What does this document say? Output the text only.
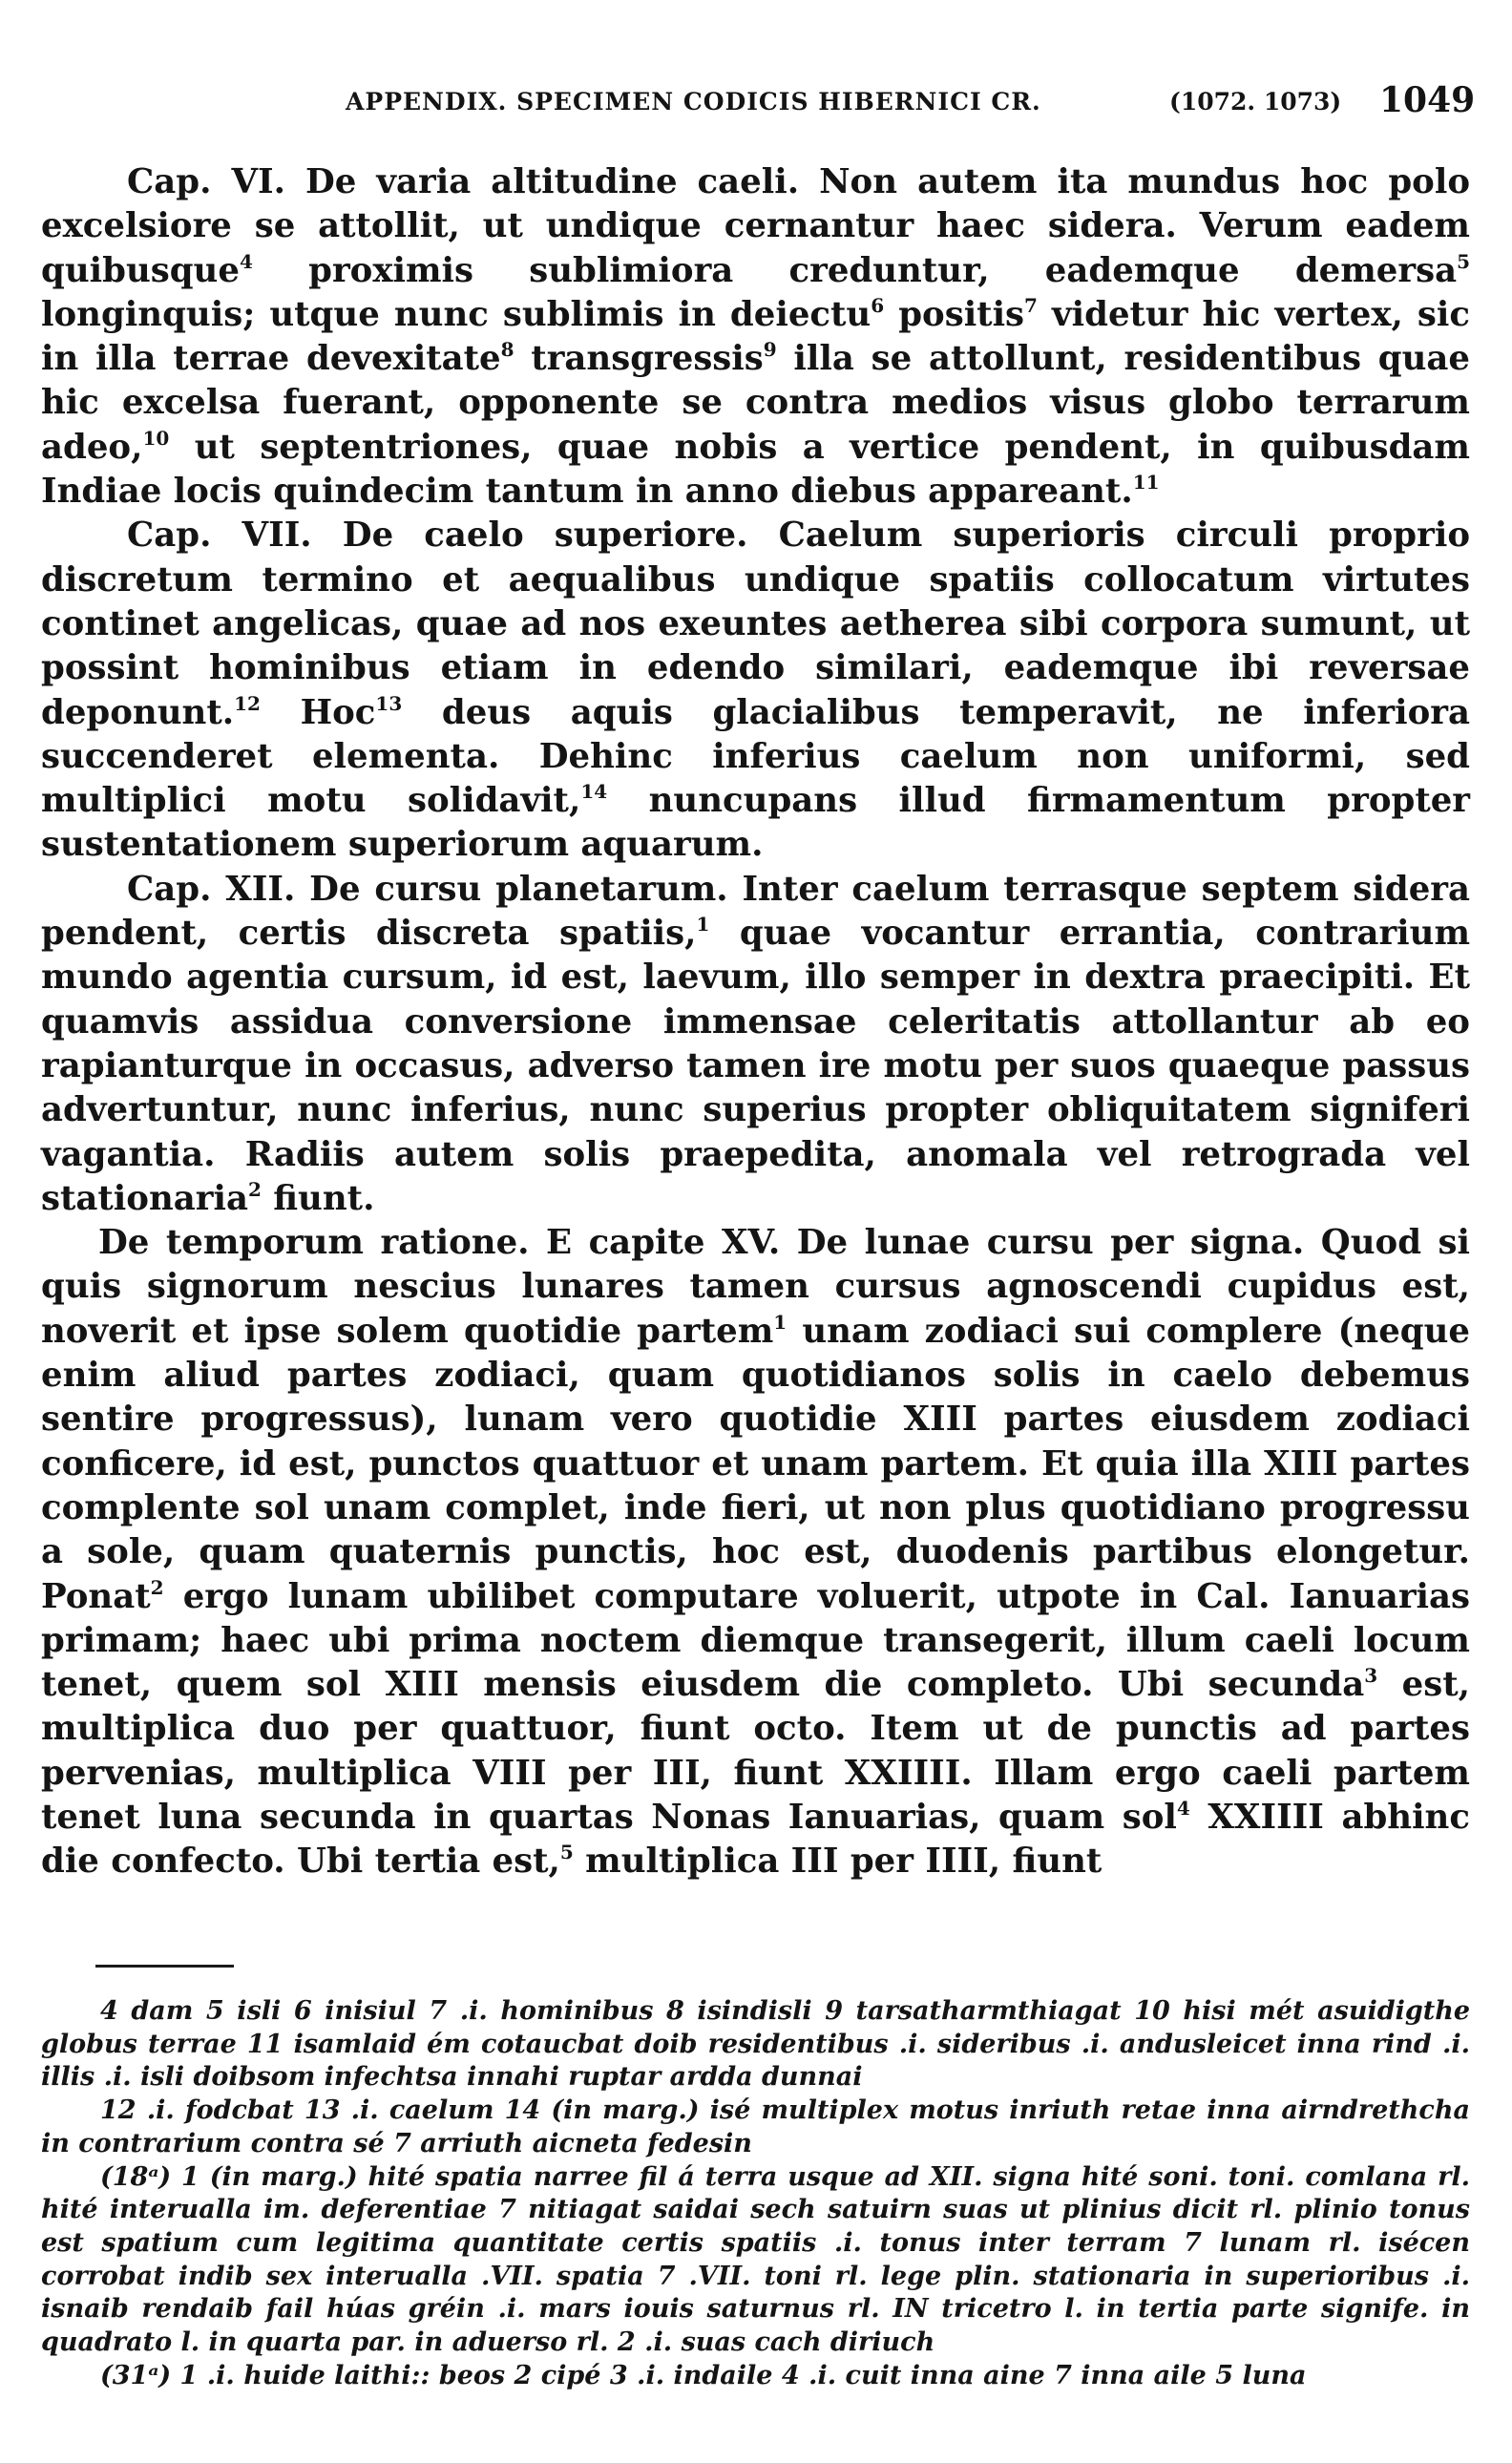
APPENDIX. SPECIMEN CODICIS HIBERNICI CR.	(1072. 1073) 1049

Cap. VI. De varia altitudine caeli. Non autem ita mundus hoc polo excelsiore se attollit, ut undique cernantur haec sidera. Verum eadem quibusque$^4$ proximis sublimiora creduntur, eademque demersa$^5$ longinquis; utque nunc sublimis in deiectu$^6$ positis$^7$ videtur hic vertex, sic in illa terrae devexitate$^8$ transgressis$^9$ illa se attollunt, residentibus quae hic excelsa fuerant, opponente se contra medios visus globo terrarum adeo,$^{10}$ ut septentriones, quae nobis a vertice pendent, in quibusdam Indiae locis quindecim tantum in anno diebus appareant.$^{11}$

Cap. VII. De caelo superiore. Caelum superioris circuli proprio discretum termino et aequalibus undique spatiis collocatum virtutes continet angelicas, quae ad nos exeuntes aetherea sibi corpora sumunt, ut possint hominibus etiam in edendo similari, eademque ibi reversae deponunt.$^{12}$ Hoc$^{13}$ deus aquis glacialibus temperavit, ne inferiora succenderet elementa. Dehinc inferius caelum non uniformi, sed multiplici motu solidavit,$^{14}$ nuncupans illud firmamentum propter sustentationem superiorum aquarum.

Cap. XII. De cursu planetarum. Inter caelum terrasque septem sidera pendent, certis discreta spatiis,$^1$ quae vocantur errantia, contrarium mundo agentia cursum, id est, laevum, illo semper in dextra praecipiti. Et quamvis assidua conversione immensae celeritatis attollantur ab eo rapianturque in occasus, adverso tamen ire motu per suos quaeque passus advertuntur, nunc inferius, nunc superius propter obliquitatem signiferi vagantia. Radiis autem solis praepedita, anomala vel retrograda vel stationaria$^2$ fiunt.

De temporum ratione. E capite XV. De lunae cursu per signa. Quod si quis signorum nescius lunares tamen cursus agnoscendi cupidus est, noverit et ipse solem quotidie partem$^1$ unam zodiaci sui complere (neque enim aliud partes zodiaci, quam quotidianos solis in caelo debemus sentire progressus), lunam vero quotidie XIII partes eiusdem zodiaci conficere, id est, punctos quattuor et unam partem. Et quia illa XIII partes complente sol unam complet, inde fieri, ut non plus quotidiano progressu a sole, quam quaternis punctis, hoc est, duodenis partibus elongetur. Ponat$^2$ ergo lunam ubilibet computare voluerit, utpote in Cal. Ianuarias primam; haec ubi prima noctem diemque transegerit, illum caeli locum tenet, quem sol XIII mensis eiusdem die completo. Ubi secunda$^3$ est, multiplica duo per quattuor, fiunt octo. Item ut de punctis ad partes pervenias, multiplica VIII per III, fiunt XXIIII. Illam ergo caeli partem tenet luna secunda in quartas Nonas Ianuarias, quam sol$^4$ XXIIII abhinc die confecto. Ubi tertia est,$^5$ multiplica III per IIII, fiunt

4 dam 5 isli 6 inisiul 7 .i. hominibus 8 isindisli 9 tarsatharmthiagat 10 hisi mét asuidigthe globus terrae 11 isamlaid ém cotaucbat doib residentibus .i. sideribus .i. andusleicet inna rind .i. illis .i. isli doibsom infechtsa innahi ruptar ardda dunnai

12 .i. fodcbat 13 .i. caelum 14 (in marg.) isé multiplex motus inriuth retae inna airndrethcha in contrarium contra sé 7 arriuth aicneta fedesin

(18ᵃ) 1 (in marg.) hité spatia narree fil á terra usque ad XII. signa hité soni. toni. comlana rl. hité interualla im. deferentiae 7 nitiagat saidai sech satuirn suas ut plinius dicit rl. plinio tonus est spatium cum legitima quantitate certis spatiis .i. tonus inter terram 7 lunam rl. isécen corrobat indib sex interualla .VII. spatia 7 .VII. toni rl. lege plin. stationaria in superioribus .i. isnaib rendaib fail húas gréin .i. mars iouis saturnus rl. IN tricetro l. in tertia parte signife. in quadrato l. in quarta par. in aduerso rl. 2 .i. suas cach diriuch

(31ᵃ) 1 .i. huide laithi:: beos 2 cipé 3 .i. indaile 4 .i. cuit inna aine 7 inna aile 5 luna
